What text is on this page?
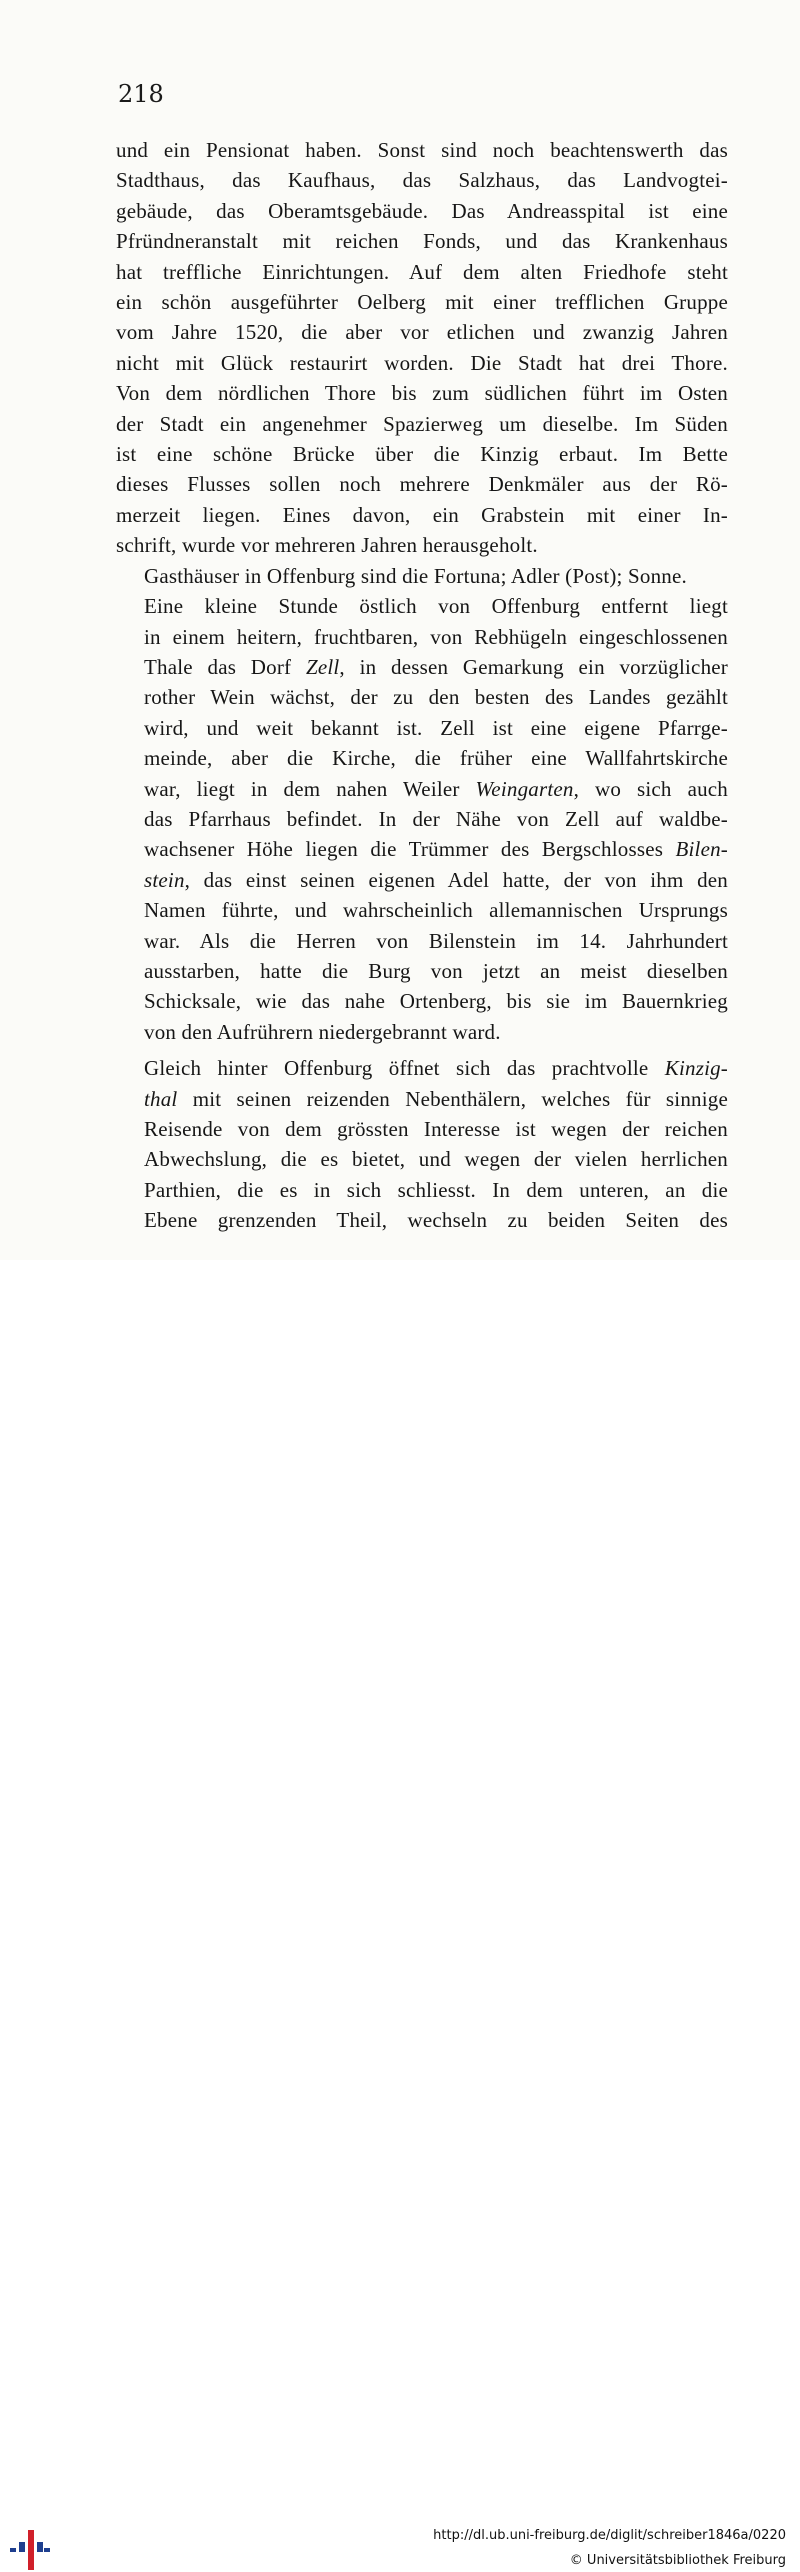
218

und ein Pensionat haben. Sonst sind noch beachtenswerth das
Stadthaus, das Kaufhaus, das Salzhaus, das Landvogtei-
gebäude, das Oberamtsgebäude. Das Andreasspital ist eine
Pfründneranstalt mit reichen Fonds, und das Krankenhaus
hat treffliche Einrichtungen. Auf dem alten Friedhofe steht
ein schön ausgeführter Oelberg mit einer trefflichen Gruppe
vom Jahre 1520, die aber vor etlichen und zwanzig Jahren
nicht mit Glück restaurirt worden. Die Stadt hat drei Thore.
Von dem nördlichen Thore bis zum südlichen führt im Osten
der Stadt ein angenehmer Spazierweg um dieselbe. Im Süden
ist eine schöne Brücke über die Kinzig erbaut. Im Bette
dieses Flusses sollen noch mehrere Denkmäler aus der Rö-
merzeit liegen. Eines davon, ein Grabstein mit einer In-
schrift, wurde vor mehreren Jahren herausgeholt.

Gasthäuser in Offenburg sind die Fortuna; Adler (Post); Sonne.

Eine kleine Stunde östlich von Offenburg entfernt liegt
in einem heitern, fruchtbaren, von Rebhügeln eingeschlossenen
Thale das Dorf Zell, in dessen Gemarkung ein vorzüglicher
rother Wein wächst, der zu den besten des Landes gezählt
wird, und weit bekannt ist. Zell ist eine eigene Pfarrge-
meinde, aber die Kirche, die früher eine Wallfahrtskirche
war, liegt in dem nahen Weiler Weingarten, wo sich auch
das Pfarrhaus befindet. In der Nähe von Zell auf waldbe-
wachsener Höhe liegen die Trümmer des Bergschlosses Bilen-
stein, das einst seinen eigenen Adel hatte, der von ihm den
Namen führte, und wahrscheinlich allemannischen Ursprungs
war. Als die Herren von Bilenstein im 14. Jahrhundert
ausstarben, hatte die Burg von jetzt an meist dieselben
Schicksale, wie das nahe Ortenberg, bis sie im Bauernkrieg
von den Aufrührern niedergebrannt ward.

Gleich hinter Offenburg öffnet sich das prachtvolle Kinzig-
thal mit seinen reizenden Nebenthälern, welches für sinnige
Reisende von dem grössten Interesse ist wegen der reichen
Abwechslung, die es bietet, und wegen der vielen herrlichen
Parthien, die es in sich schliesst. In dem unteren, an die
Ebene grenzenden Theil, wechseln zu beiden Seiten des

http://dl.ub.uni-freiburg.de/diglit/schreiber1846a/0220
© Universitätsbibliothek Freiburg
